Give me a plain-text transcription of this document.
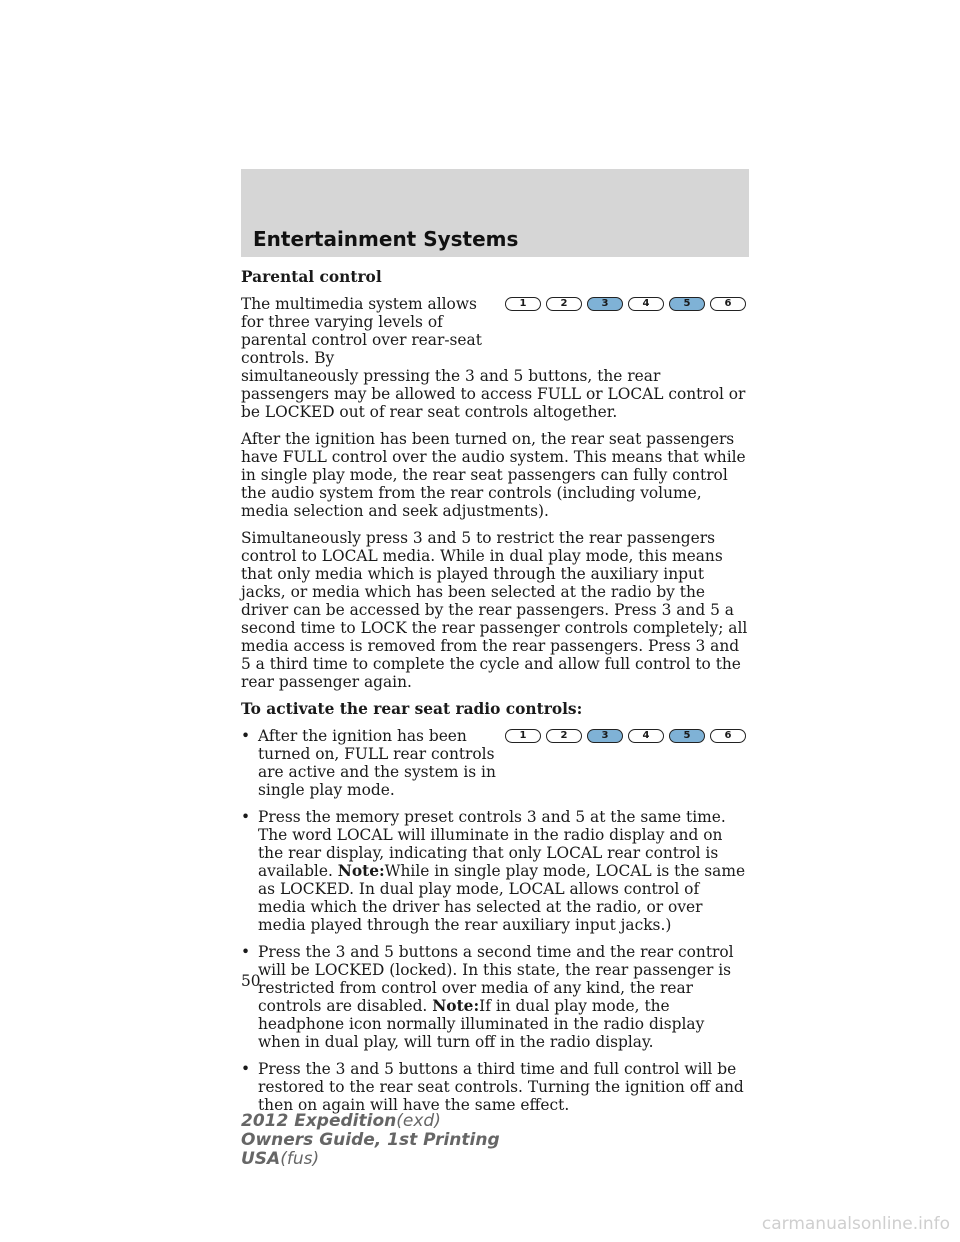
Entertainment Systems

Parental control

The multimedia system allows for three varying levels of parental control over rear-seat controls. By

1	2	3	4	5	6

simultaneously pressing the 3 and 5 buttons, the rear passengers may be allowed to access FULL or LOCAL control or be LOCKED out of rear seat controls altogether.

After the ignition has been turned on, the rear seat passengers have FULL control over the audio system. This means that while in single play mode, the rear seat passengers can fully control the audio system from the rear controls (including volume, media selection and seek adjustments).

Simultaneously press 3 and 5 to restrict the rear passengers control to LOCAL media. While in dual play mode, this means that only media which is played through the auxiliary input jacks, or media which has been selected at the radio by the driver can be accessed by the rear passengers. Press 3 and 5 a second time to LOCK the rear passenger controls completely; all media access is removed from the rear passengers. Press 3 and 5 a third time to complete the cycle and allow full control to the rear passenger again.

To activate the rear seat radio controls:

• After the ignition has been turned on, FULL rear controls are active and the system is in single play mode.
1	2	3	4	5	6
• Press the memory preset controls 3 and 5 at the same time. The word LOCAL will illuminate in the radio display and on the rear display, indicating that only LOCAL rear control is available. Note:While in single play mode, LOCAL is the same as LOCKED. In dual play mode, LOCAL allows control of media which the driver has selected at the radio, or over media played through the rear auxiliary input jacks.)
• Press the 3 and 5 buttons a second time and the rear control will be LOCKED (locked). In this state, the rear passenger is restricted from control over media of any kind, the rear controls are disabled. Note:If in dual play mode, the headphone icon normally illuminated in the radio display when in dual play, will turn off in the radio display.
• Press the 3 and 5 buttons a third time and full control will be restored to the rear seat controls. Turning the ignition off and then on again will have the same effect.
50
2012 Expedition(exd)
Owners Guide, 1st Printing
USA(fus)
carmanualsonline.info
